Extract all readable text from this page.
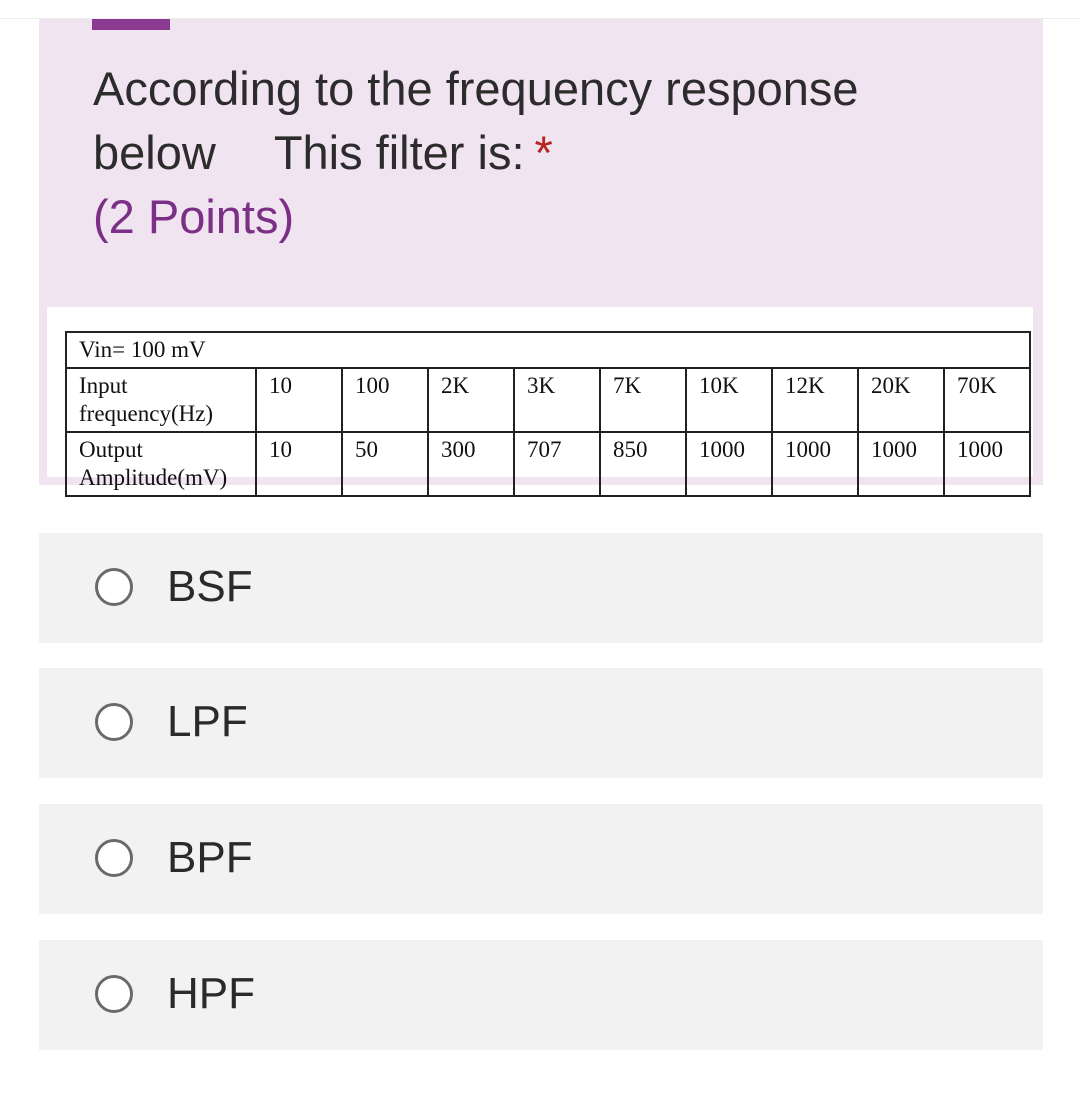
According to the frequency response
below This filter is: *
(2 Points)
Vin= 100 mV									
Input
frequency(Hz)	10	100	2K	3K	7K	10K	12K	20K	70K
Output
Amplitude(mV)	10	50	300	707	850	1000	1000	1000	1000
BSF
LPF
BPF
HPF
